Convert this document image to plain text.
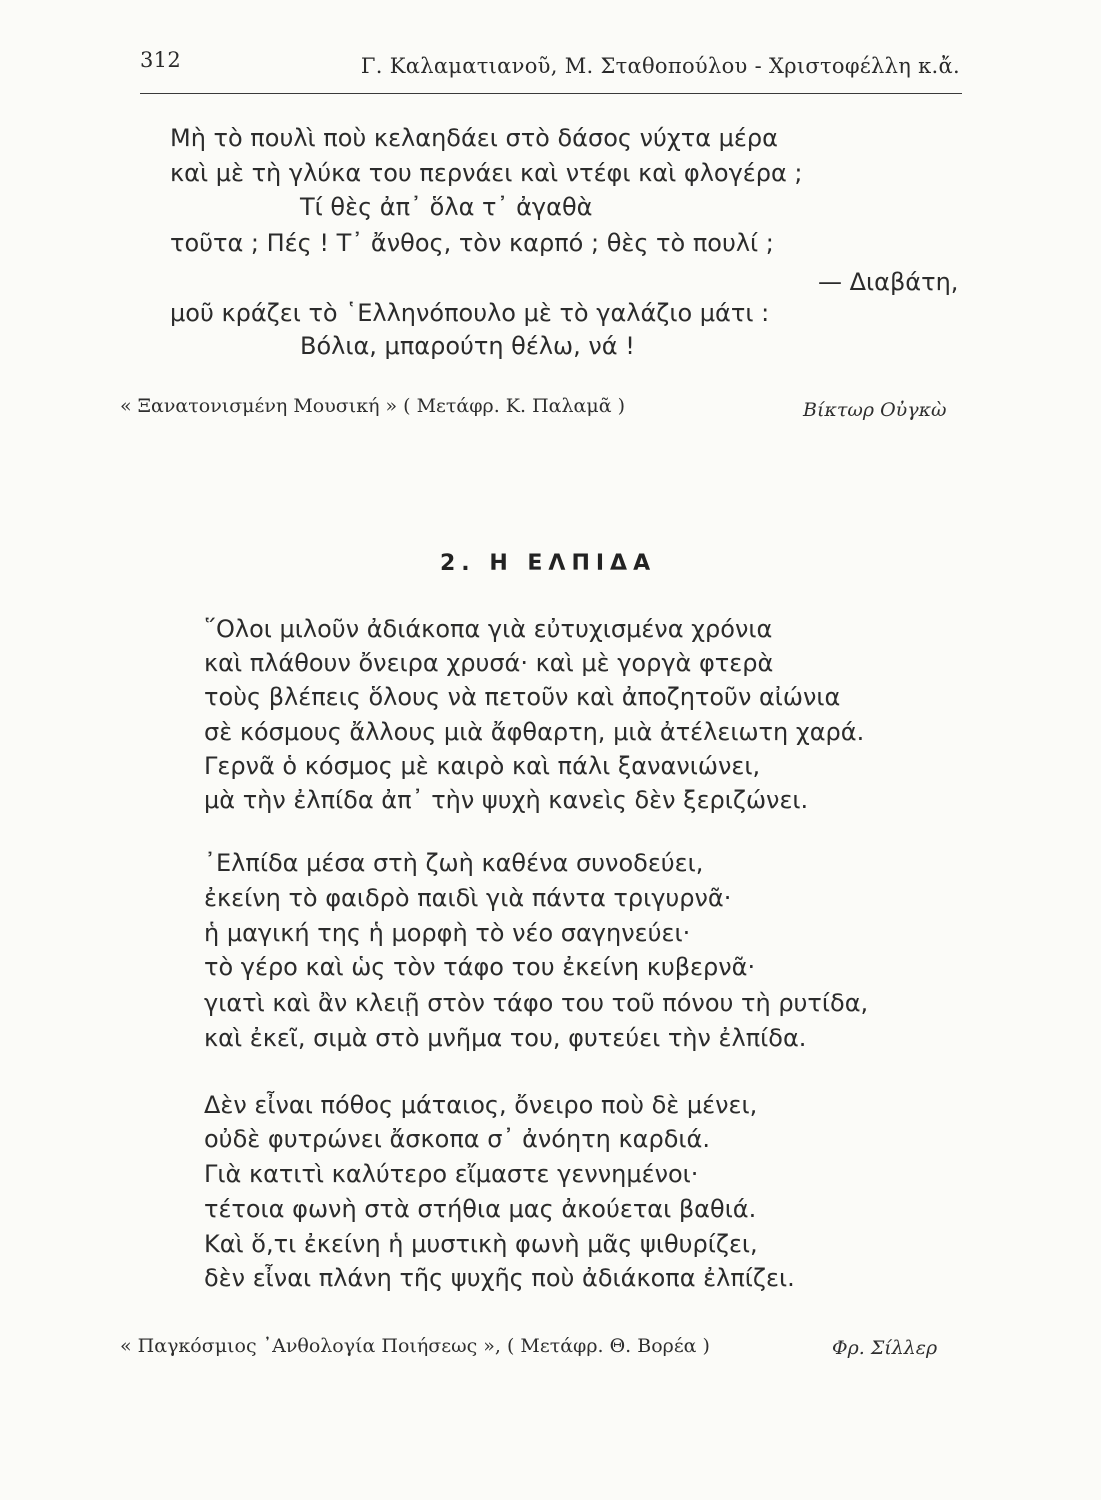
312	Γ. Καλαματιανοῦ, Μ. Σταθοπούλου - Χριστοφέλλη κ.ἄ.
Μὴ τὸ πουλὶ ποὺ κελαηδάει στὸ δάσος νύχτα μέρα
καὶ μὲ τὴ γλύκα του περνάει καὶ ντέφι καὶ φλογέρα ;
Τί θὲς ἀπ᾿ ὅλα τ᾿ ἀγαθὰ
τοῦτα ; Πές ! Τ᾿ ἄνθος, τὸν καρπό ; θὲς τὸ πουλί ;
— Διαβάτη,
μοῦ κράζει τὸ ῾Ελληνόπουλο μὲ τὸ γαλάζιο μάτι :
Βόλια, μπαρούτη θέλω, νά !
« Ξανατονισμένη Μουσική » ( Μετάφρ. Κ. Παλαμᾶ )	Βίκτωρ Οὐγκὼ
2. Η ΕΛΠΙΔΑ
῞Ολοι μιλοῦν ἀδιάκοπα γιὰ εὐτυχισμένα χρόνια
καὶ πλάθουν ὄνειρα χρυσά· καὶ μὲ γοργὰ φτερὰ
τοὺς βλέπεις ὅλους νὰ πετοῦν καὶ ἀποζητοῦν αἰώνια
σὲ κόσμους ἄλλους μιὰ ἄφθαρτη, μιὰ ἀτέλειωτη χαρά.
Γερνᾶ ὁ κόσμος μὲ καιρὸ καὶ πάλι ξανανιώνει,
μὰ τὴν ἐλπίδα ἀπ᾿ τὴν ψυχὴ κανεὶς δὲν ξεριζώνει.
᾿Ελπίδα μέσα στὴ ζωὴ καθένα συνοδεύει,
ἐκείνη τὸ φαιδρὸ παιδὶ γιὰ πάντα τριγυρνᾶ·
ἡ μαγική της ἡ μορφὴ τὸ νέο σαγηνεύει·
τὸ γέρο καὶ ὡς τὸν τάφο του ἐκείνη κυβερνᾶ·
γιατὶ καὶ ἂν κλειῇ στὸν τάφο του τοῦ πόνου τὴ ρυτίδα,
καὶ ἐκεῖ, σιμὰ στὸ μνῆμα του, φυτεύει τὴν ἐλπίδα.
Δὲν εἶναι πόθος μάταιος, ὄνειρο ποὺ δὲ μένει,
οὐδὲ φυτρώνει ἄσκοπα σ᾿ ἀνόητη καρδιά.
Γιὰ κατιτὶ καλύτερο εἴμαστε γεννημένοι·
τέτοια φωνὴ στὰ στήθια μας ἀκούεται βαθιά.
Καὶ ὅ,τι ἐκείνη ἡ μυστικὴ φωνὴ μᾶς ψιθυρίζει,
δὲν εἶναι πλάνη τῆς ψυχῆς ποὺ ἀδιάκοπα ἐλπίζει.
« Παγκόσμιος ᾿Ανθολογία Ποιήσεως », ( Μετάφρ. Θ. Βορέα )	Φρ. Σίλλερ
